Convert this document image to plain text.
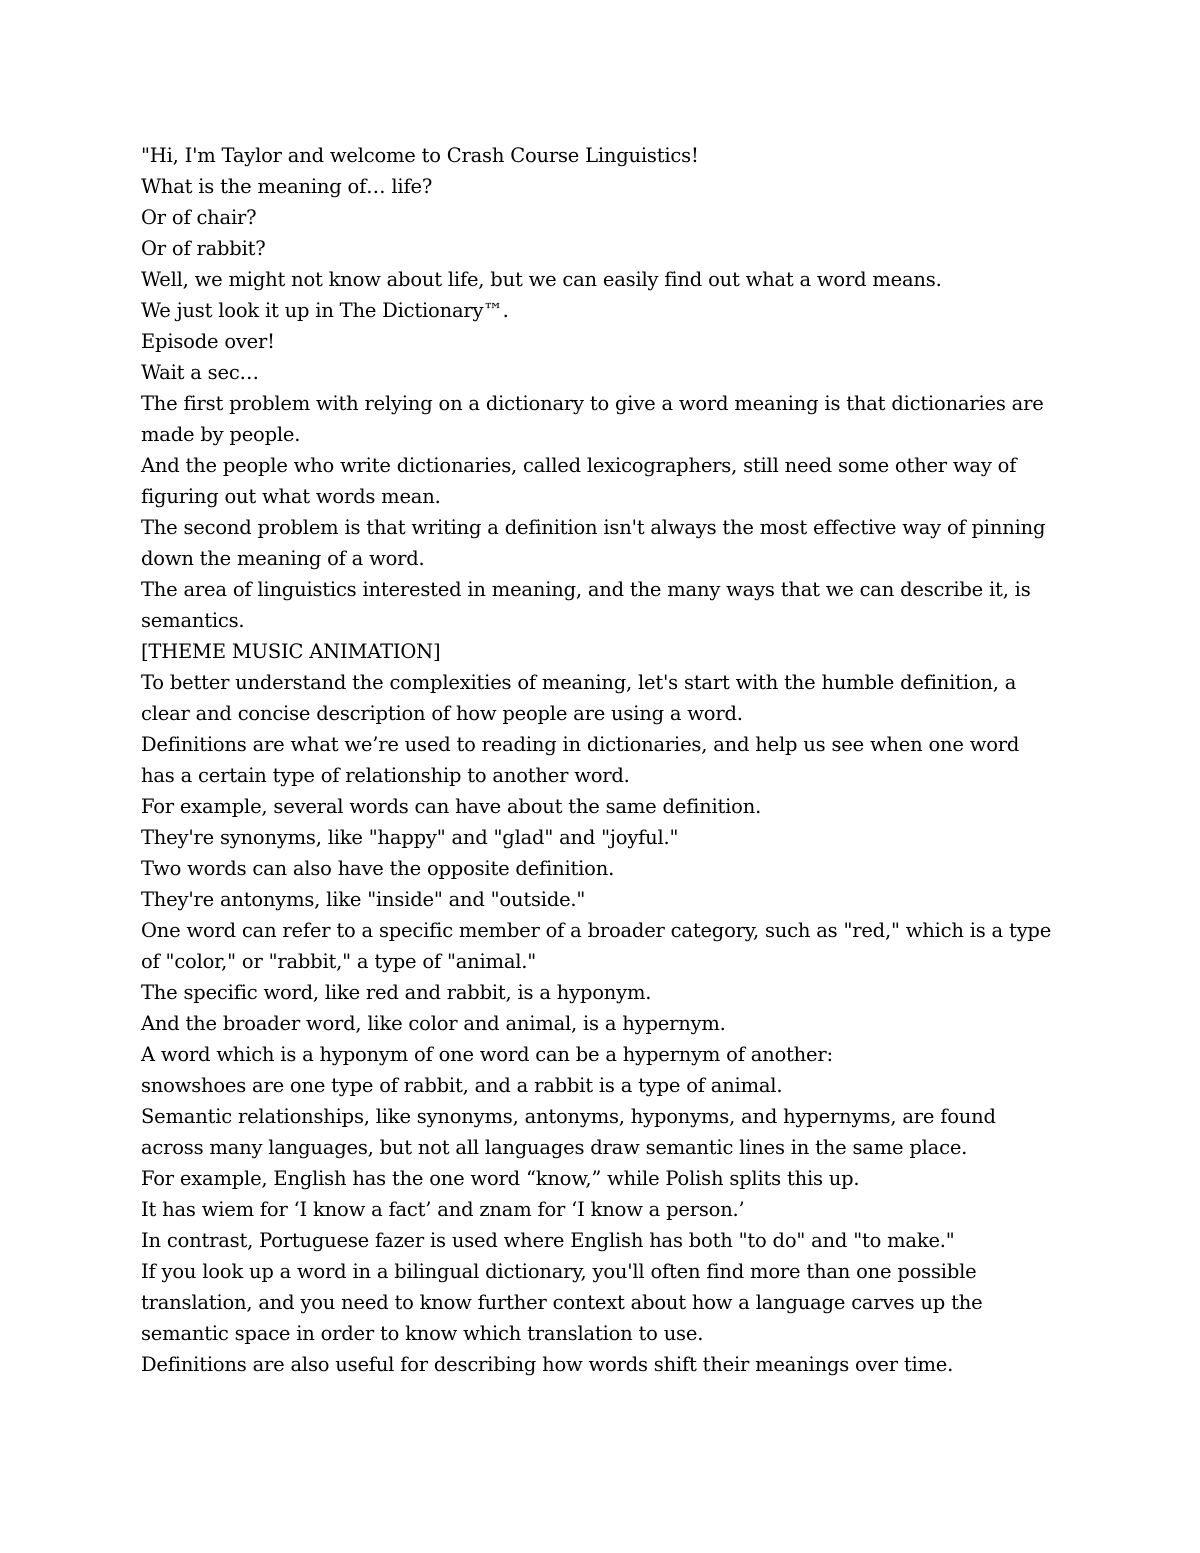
"Hi, I'm Taylor and welcome to Crash Course Linguistics!

What is the meaning of… life?

Or of chair?

Or of rabbit?

Well, we might not know about life, but we can easily find out what a word means.

We just look it up in The Dictionary™.

Episode over!

Wait a sec…

The first problem with relying on a dictionary to give a word meaning is that dictionaries are made by people.

And the people who write dictionaries, called lexicographers, still need some other way of figuring out what words mean.

The second problem is that writing a definition isn't always the most effective way of pinning down the meaning of a word.

The area of linguistics interested in meaning, and the many ways that we can describe it, is semantics.

[THEME MUSIC ANIMATION]

To better understand the complexities of meaning, let's start with the humble definition, a clear and concise description of how people are using a word.

Definitions are what we’re used to reading in dictionaries, and help us see when one word has a certain type of relationship to another word.

For example, several words can have about the same definition.

They're synonyms, like "happy" and "glad" and "joyful."

Two words can also have the opposite definition.

They're antonyms, like "inside" and "outside."

One word can refer to a specific member of a broader category, such as "red," which is a type of "color," or "rabbit," a type of "animal."

The specific word, like red and rabbit, is a hyponym.

And the broader word, like color and animal, is a hypernym.

A word which is a hyponym of one word can be a hypernym of another:

snowshoes are one type of rabbit, and a rabbit is a type of animal.

Semantic relationships, like synonyms, antonyms, hyponyms, and hypernyms, are found across many languages, but not all languages draw semantic lines in the same place.

For example, English has the one word “know,” while Polish splits this up.

It has wiem for ‘I know a fact’ and znam for ‘I know a person.’

In contrast, Portuguese fazer is used where English has both "to do" and "to make."

If you look up a word in a bilingual dictionary, you'll often find more than one possible translation, and you need to know further context about how a language carves up the semantic space in order to know which translation to use.

Definitions are also useful for describing how words shift their meanings over time.
